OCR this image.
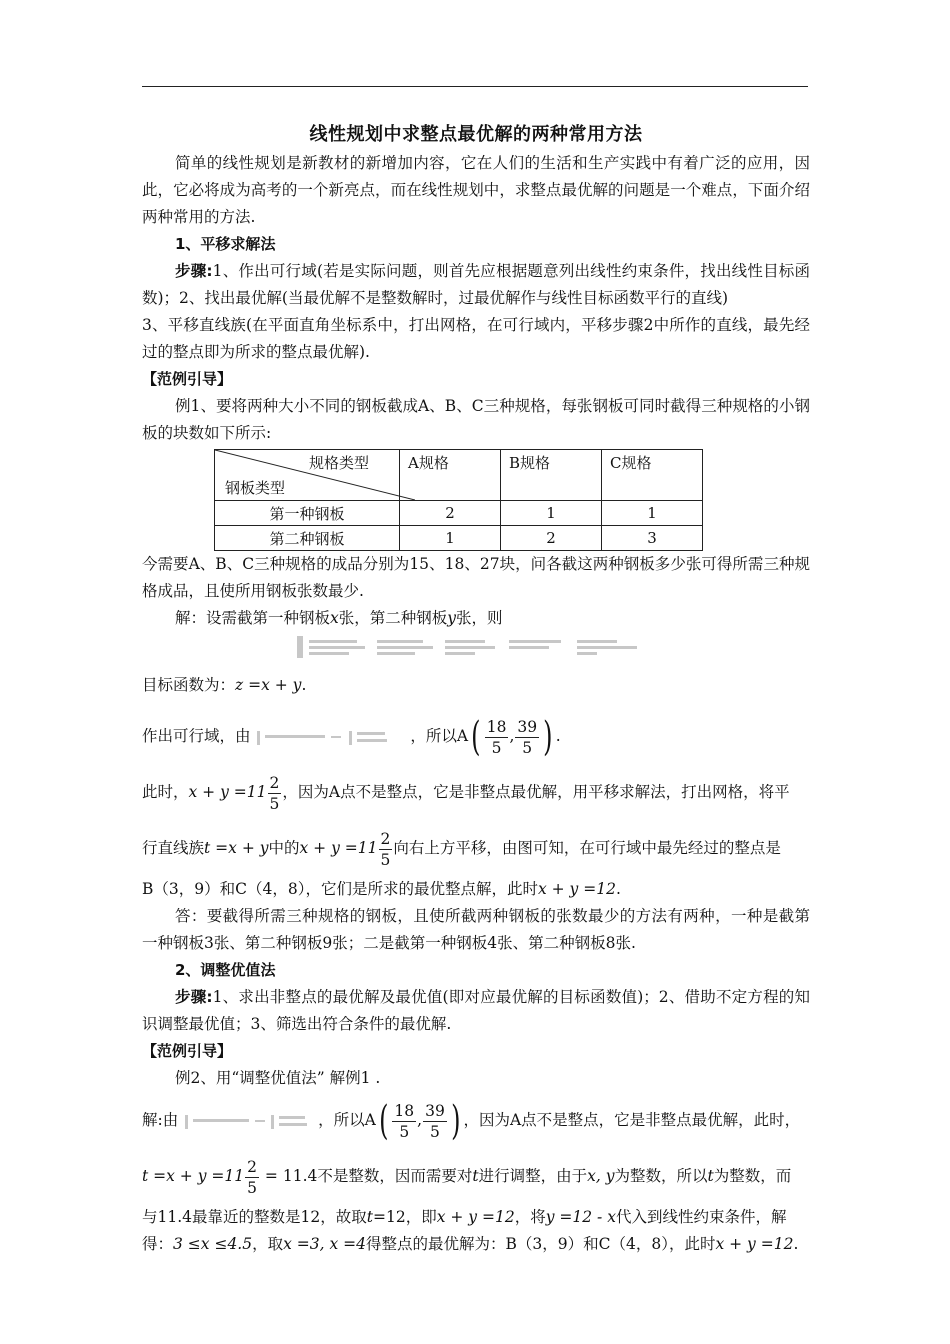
线性规划中求整点最优解的两种常用方法

简单的线性规划是新教材的新增加内容，它在人们的生活和生产实践中有着广泛的应用，因此，它必将成为高考的一个新亮点，而在线性规划中，求整点最优解的问题是一个难点，下面介绍两种常用的方法.

1、平移求解法

步骤:1、作出可行域(若是实际问题，则首先应根据题意列出线性约束条件，找出线性目标函数)；2、找出最优解(当最优解不是整数解时，过最优解作与线性目标函数平行的直线)

3、平移直线族(在平面直角坐标系中，打出网格，在可行域内，平移步骤2中所作的直线，最先经过的整点即为所求的整点最优解).

【范例引导】

例1、要将两种大小不同的钢板截成A、B、C三种规格，每张钢板可同时截得三种规格的小钢板的块数如下所示:

规格类型
钢板类型	A规格	B规格	C规格
第一种钢板	2	1	1
第二种钢板	1	2	3

今需要A、B、C三种规格的成品分别为15、18、27块，问各截这两种钢板多少张可得所需三种规格成品，且使所用钢板张数最少.

解：设需截第一种钢板x张，第二种钢板y张，则

目标函数为：z =x + y.

作出可行域，由	，所以$A( \frac{18}{5}$ , $\frac{39}{5}$ ) .

此时，$x + y =11 \frac{2}{5}$ ，因为A点不是整点，它是非整点最优解，用平移求解法，打出网格，将平

行直线族t =x + y中的$x + y =11 \frac{2}{5}$ 向右上方平移，由图可知，在可行域中最先经过的整点是

B（3，9）和C（4，8），它们是所求的最优整点解，此时x + y =12.

答：要截得所需三种规格的钢板，且使所截两种钢板的张数最少的方法有两种，一种是截第一种钢板3张、第二种钢板9张；二是截第一种钢板4张、第二种钢板8张.

2、调整优值法

步骤:1、求出非整点的最优解及最优值(即对应最优解的目标函数值)；2、借助不定方程的知识调整最优值；3、筛选出符合条件的最优解.

【范例引导】

例2、用“调整优值法” 解例1 .

解:由	，所以$A( \frac{18}{5}$ , $\frac{39}{5}$ ) ，因为A点不是整点，它是非整点最优解，此时，

$t =x + y =11 \frac{2}{5} = 11.4$不是整数，因而需要对t进行调整，由于x, y为整数，所以t为整数，而

与11.4最靠近的整数是12，故取t=12，即x + y =12，将y =12 - x代入到线性约束条件，解

得：3 ≤x ≤4.5，取x =3, x =4得整点的最优解为：B（3，9）和C（4，8），此时x + y =12.
